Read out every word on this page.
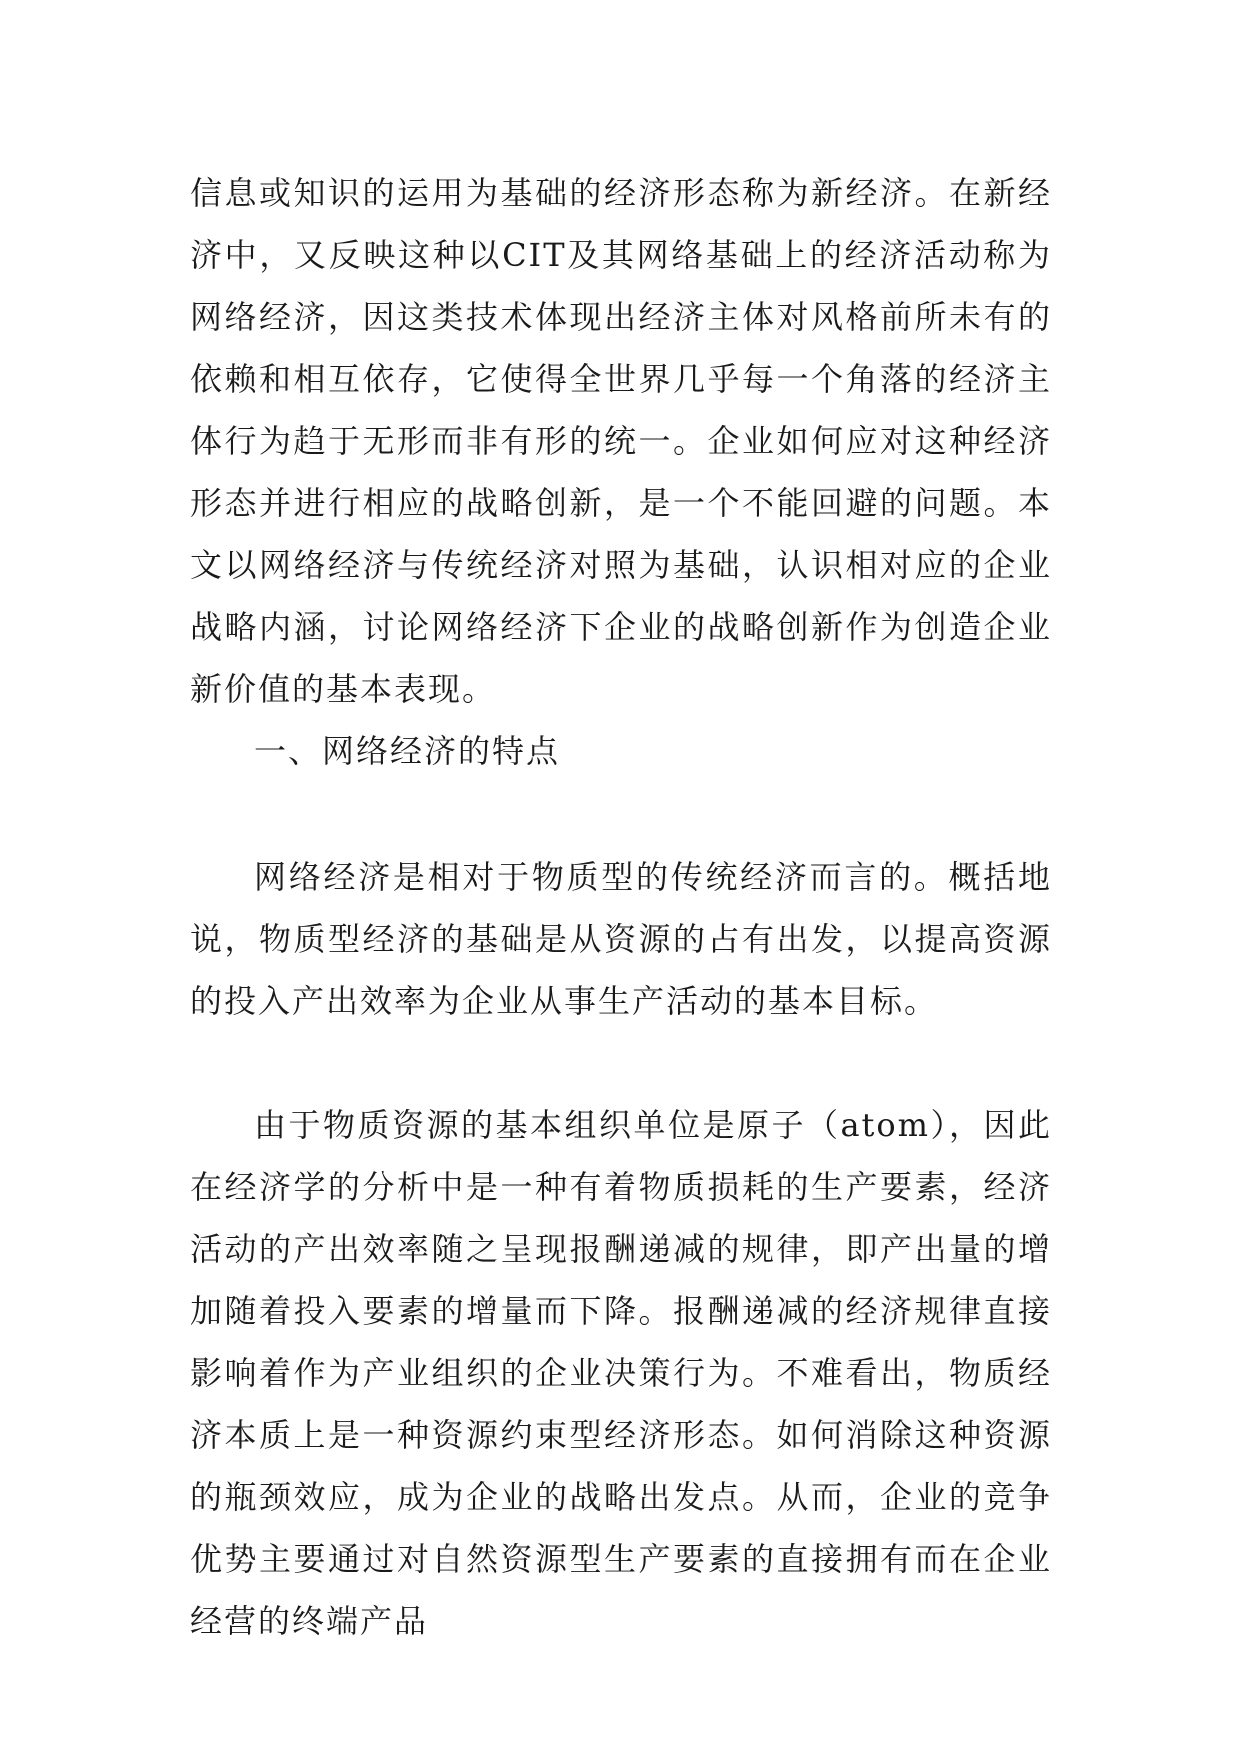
信息或知识的运用为基础的经济形态称为新经济。在新经济中，又反映这种以CIT及其网络基础上的经济活动称为网络经济，因这类技术体现出经济主体对风格前所未有的依赖和相互依存，它使得全世界几乎每一个角落的经济主体行为趋于无形而非有形的统一。企业如何应对这种经济形态并进行相应的战略创新，是一个不能回避的问题。本文以网络经济与传统经济对照为基础，认识相对应的企业战略内涵，讨论网络经济下企业的战略创新作为创造企业新价值的基本表现。

一、网络经济的特点

网络经济是相对于物质型的传统经济而言的。概括地说，物质型经济的基础是从资源的占有出发，以提高资源的投入产出效率为企业从事生产活动的基本目标。

由于物质资源的基本组织单位是原子（atom），因此在经济学的分析中是一种有着物质损耗的生产要素，经济活动的产出效率随之呈现报酬递减的规律，即产出量的增加随着投入要素的增量而下降。报酬递减的经济规律直接影响着作为产业组织的企业决策行为。不难看出，物质经济本质上是一种资源约束型经济形态。如何消除这种资源的瓶颈效应，成为企业的战略出发点。从而，企业的竞争优势主要通过对自然资源型生产要素的直接拥有而在企业经营的终端产品
